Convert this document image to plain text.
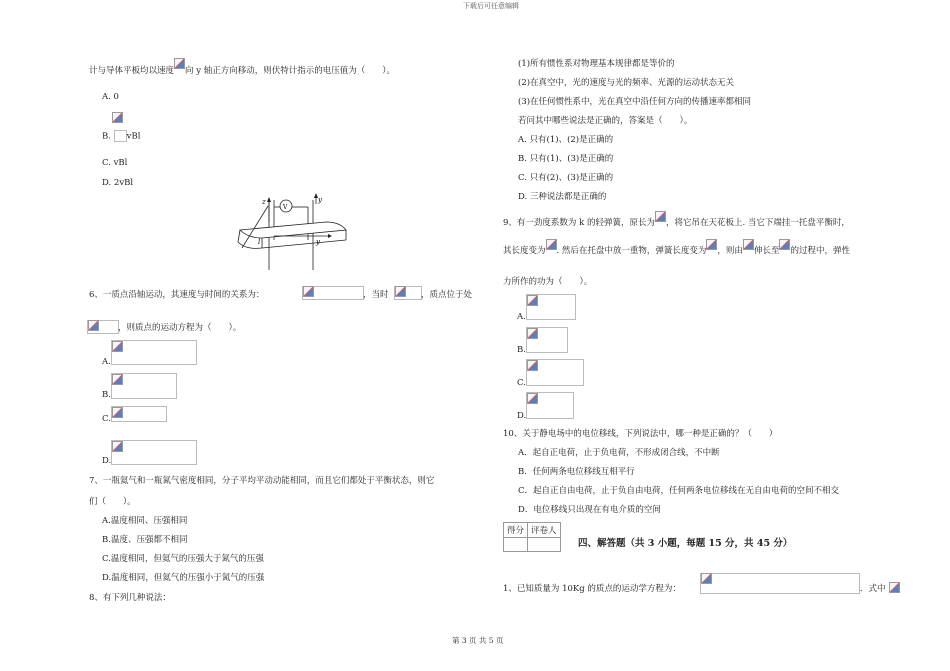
下载后可任意编辑
计与导体平板均以速度 向 y 轴正方向移动，则伏特计指示的电压值为（　　）。
A. 0
B. vBl
C. vBl
D. 2vBl
z
V
y
l	y
6、一质点沿轴运动，其速度与时间的关系为：	，当时	，质点位于处
，则质点的运动方程为（　　）。
A.
B.
C.
D.
7、一瓶氦气和一瓶氮气密度相同，分子平均平动动能相同，而且它们都处于平衡状态，则它
们（　　）。
A.温度相同、压强相同
B.温度、压强都不相同
C.温度相同，但氦气的压强大于氮气的压强
D.温度相同，但氦气的压强小于氮气的压强
8、有下列几种说法：
(1)所有惯性系对物理基本规律都是等价的
(2)在真空中，光的速度与光的频率、光源的运动状态无关
(3)在任何惯性系中，光在真空中沿任何方向的传播速率都相同
若问其中哪些说法是正确的，答案是（　　）。
A. 只有(1)、(2)是正确的
B. 只有(1)、(3)是正确的
C. 只有(2)、(3)是正确的
D. 三种说法都是正确的
9、有一劲度系数为 k 的轻弹簧，原长为 ，将它吊在天花板上. 当它下端挂一托盘平衡时，
其长度变为 . 然后在托盘中放一重物，弹簧长度变为 ，则由 伸长至 的过程中，弹性
力所作的功为（　　）。
A.
B.
C.
D.
10、关于静电场中的电位移线，下列说法中，哪一种是正确的？（　　）
A．起自正电荷，止于负电荷，不形成闭合线，不中断
B．任何两条电位移线互相平行
C．起自正自由电荷，止于负自由电荷，任何两条电位移线在无自由电荷的空间不相交
D．电位移线只出现在有电介质的空间
得分	评卷人

四、解答题（共 3 小题，每题 15 分，共 45 分）
1、已知质量为 10Kg 的质点的运动学方程为：	．式中
第 3 页 共 5 页
